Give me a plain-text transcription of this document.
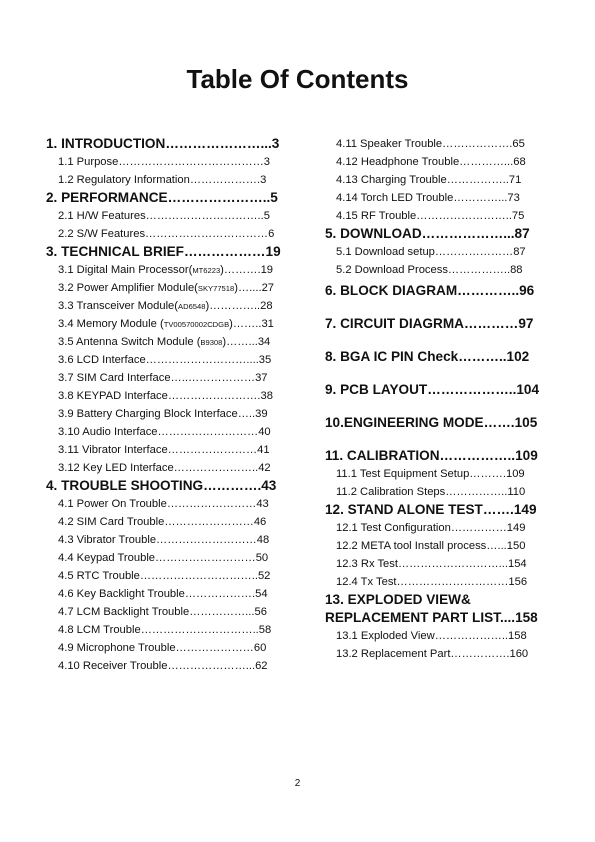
Table Of Contents
1. INTRODUCTION…………………...3
1.1 Purpose…………………………………3
1.2 Regulatory Information……………….3
2. PERFORMANCE…………………..5
2.1 H/W Features…………………………..5
2.2 S/W Features……………………………6
3. TECHNICAL BRIEF………………19
3.1 Digital Main Processor(MT6223)……….19
3.2 Power Amplifier Module(SKY77518)…....27
3.3 Transceiver Module(AD6548)…………..28
3.4 Memory Module (TV00570002CDGB)……..31
3.5 Antenna Switch Module (B9308)……...34
3.6 LCD Interface………………………....35
3.7 SIM Card Interface…..………………37
3.8 KEYPAD Interface…………………….38
3.9 Battery Charging Block Interface…..39
3.10 Audio Interface………………………40
3.11 Vibrator Interface……………………41
3.12 Key LED Interface…………………..42
4. TROUBLE SHOOTING………….43
4.1 Power On Trouble……………………43
4.2 SIM Card Trouble……………………46
4.3 Vibrator Trouble………………………48
4.4 Keypad Trouble………………………50
4.5 RTC Trouble…………………………..52
4.6 Key Backlight Trouble……………….54
4.7 LCM Backlight Trouble……………...56
4.8 LCM Trouble…………………………..58
4.9 Microphone Trouble…………………60
4.10 Receiver Trouble…………………...62
4.11 Speaker Trouble……………….65
4.12 Headphone Trouble…………...68
4.13 Charging Trouble……………..71
4.14 Torch LED Trouble…………...73
4.15 RF Trouble……………………..75
5. DOWNLOAD………………...87
5.1 Download setup…………………87
5.2 Download Process……………..88
6. BLOCK DIAGRAM…………..96
7. CIRCUIT DIAGRMA…………97
8. BGA IC PIN Check………..102
9. PCB LAYOUT………………..104
10.ENGINEERING MODE…….105
11. CALIBRATION……………..109
11.1 Test Equipment Setup……….109
11.2 Calibration Steps……………..110
12. STAND ALONE TEST…….149
12.1 Test Configuration……………149
12.2 META tool Install process…...150
12.3 Rx Test………………………...154
12.4 Tx Test…………………………156
13. EXPLODED VIEW&
REPLACEMENT PART LIST....158
13.1 Exploded View………………..158
13.2 Replacement Part…………….160
2
